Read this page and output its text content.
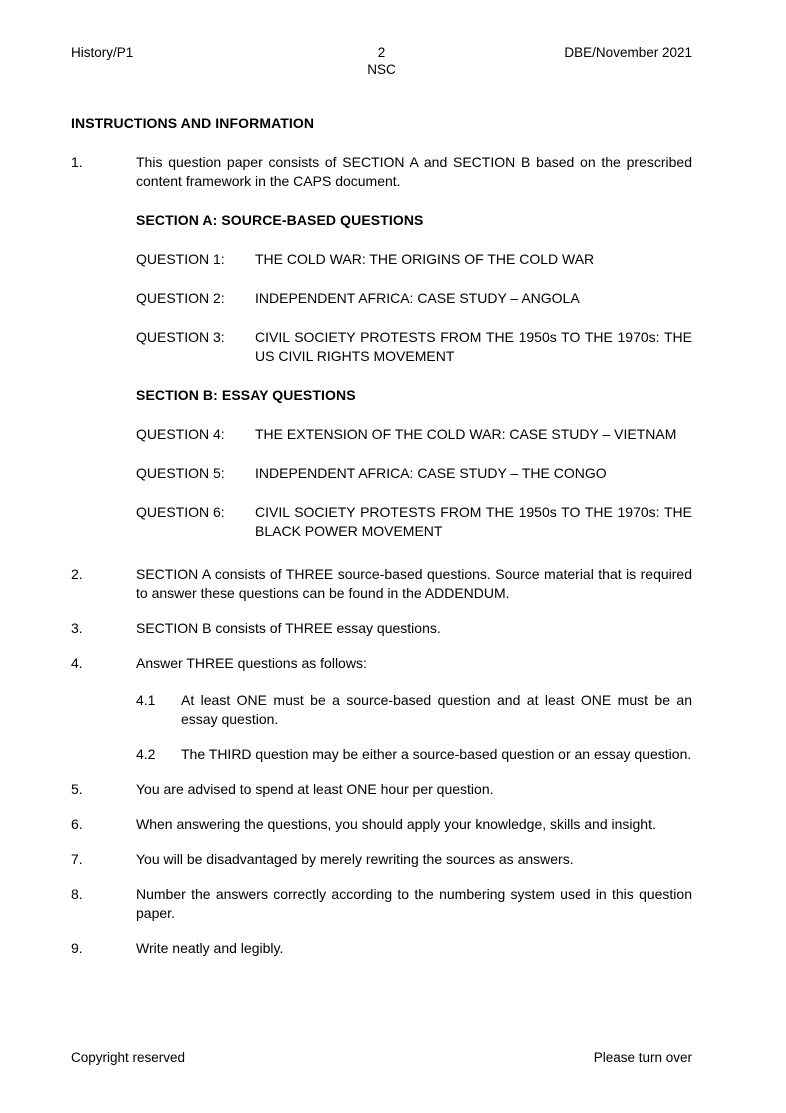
History/P1	2
NSC
DBE/November 2021
INSTRUCTIONS AND INFORMATION
1.	This question paper consists of SECTION A and SECTION B based on the prescribed content framework in the CAPS document.
SECTION A: SOURCE-BASED QUESTIONS
QUESTION 1:	THE COLD WAR: THE ORIGINS OF THE COLD WAR
QUESTION 2:	INDEPENDENT AFRICA: CASE STUDY – ANGOLA
QUESTION 3:	CIVIL SOCIETY PROTESTS FROM THE 1950s TO THE 1970s: THE US CIVIL RIGHTS MOVEMENT
SECTION B: ESSAY QUESTIONS
QUESTION 4:	THE EXTENSION OF THE COLD WAR: CASE STUDY – VIETNAM
QUESTION 5:	INDEPENDENT AFRICA: CASE STUDY – THE CONGO
QUESTION 6:	CIVIL SOCIETY PROTESTS FROM THE 1950s TO THE 1970s: THE BLACK POWER MOVEMENT
2.	SECTION A consists of THREE source-based questions. Source material that is required to answer these questions can be found in the ADDENDUM.
3.	SECTION B consists of THREE essay questions.
4.	Answer THREE questions as follows:
4.1	At least ONE must be a source-based question and at least ONE must be an essay question.
4.2	The THIRD question may be either a source-based question or an essay question.
5.	You are advised to spend at least ONE hour per question.
6.	When answering the questions, you should apply your knowledge, skills and insight.
7.	You will be disadvantaged by merely rewriting the sources as answers.
8.	Number the answers correctly according to the numbering system used in this question paper.
9.	Write neatly and legibly.
Copyright reserved	Please turn over
